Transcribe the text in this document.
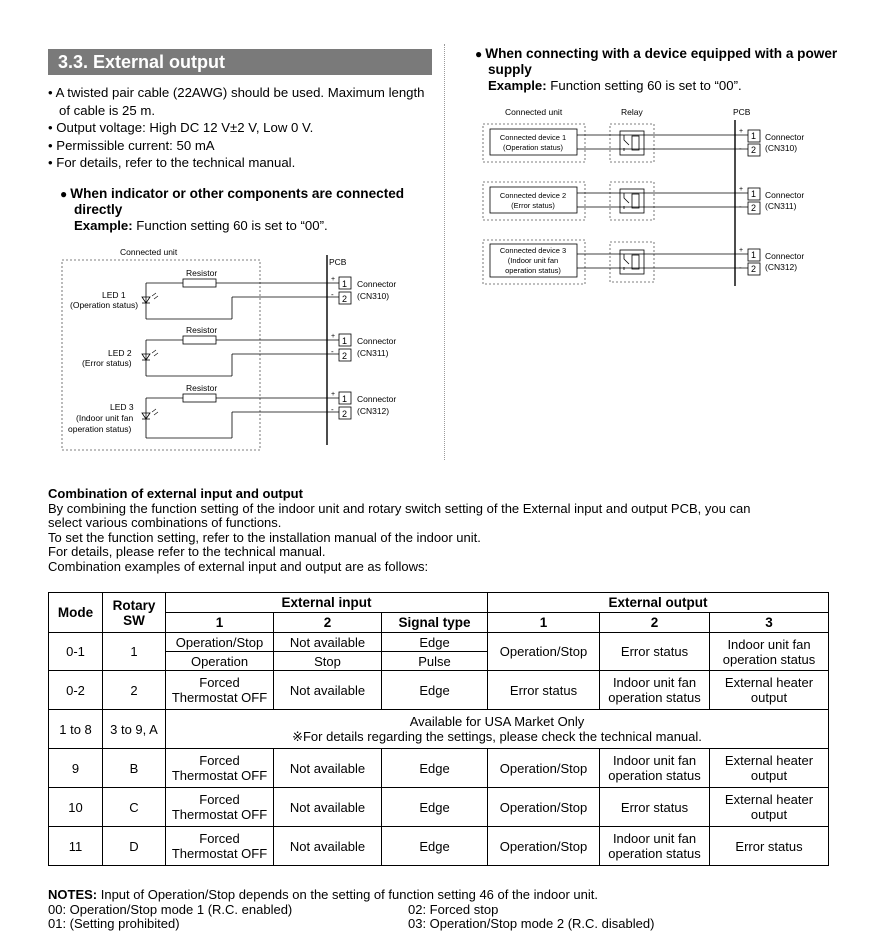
3.3. External output
• A twisted pair cable (22AWG) should be used. Maximum length of cable is 25 m.
• Output voltage: High DC 12 V±2 V, Low 0 V.
• Permissible current: 50 mA
• For details, refer to the technical manual.
● When indicator or other components are connected directly
Example: Function setting 60 is set to “00”.
Connected unit
PCB
Resistor
LED 1
(Operation status)
+
-
1
2
Connector
(CN310)
Resistor
LED 2
(Error status)
+
-
1
2
Connector
(CN311)
Resistor
LED 3
(Indoor unit fan
operation status)
+
-
1
2
Connector
(CN312)
● When connecting with a device equipped with a power supply
Example: Function setting 60 is set to “00”.
Connected unit	Relay	PCB
Connected device 1
(Operation status)
+
-
1
2
Connector
(CN310)
Connected device 2
(Error status)
+
-
1
2
Connector
(CN311)
Connected device 3
(Indoor unit fan
operation status)
+
-
1
2
Connector
(CN312)
Combination of external input and output
By combining the function setting of the indoor unit and rotary switch setting of the External input and output PCB, you can
select various combinations of functions.
To set the function setting, refer to the installation manual of the indoor unit.
For details, please refer to the technical manual.
Combination examples of external input and output are as follows:
Mode	Rotary SW	External input			External output		
		1	2	Signal type	1	2	3
0-1	1	Operation/Stop	Not available	Edge	Operation/Stop	Error status	Indoor unit fan operation status
		Operation	Stop	Pulse			
0-2	2	Forced Thermostat OFF	Not available	Edge	Error status	Indoor unit fan operation status	External heater output
1 to 8	3 to 9, A	Available for USA Market Only
※For details regarding the settings, please check the technical manual.					

9	B	Forced Thermostat OFF	Not available	Edge	Operation/Stop	Indoor unit fan operation status	External heater output
10	C	Forced Thermostat OFF	Not available	Edge	Operation/Stop	Error status	External heater output
11	D	Forced Thermostat OFF	Not available	Edge	Operation/Stop	Indoor unit fan operation status	Error status
NOTES: Input of Operation/Stop depends on the setting of function setting 46 of the indoor unit.
00: Operation/Stop mode 1 (R.C. enabled)	02: Forced stop
01: (Setting prohibited)	03: Operation/Stop mode 2 (R.C. disabled)
